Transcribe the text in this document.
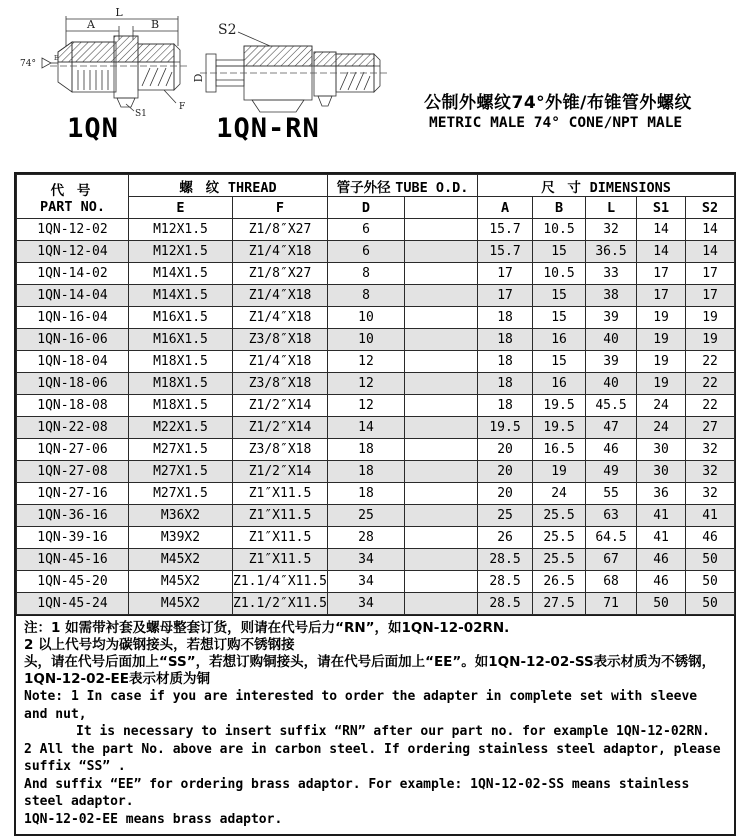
L
A	B
74°
E
S1
F
1QN
S2
D
1QN-RN
公制外螺纹74°外锥/布锥管外螺纹
METRIC MALE 74° CONE/NPT MALE
代 号
PART NO.	螺 纹 THREAD		管子外径 TUBE O.D.		尺 寸 DIMENSIONS				
	E	F	D		A	B	L	S1	S2
1QN-12-02	M12X1.5	Z1/8″X27	6		15.7	10.5	32	14	14
1QN-12-04	M12X1.5	Z1/4″X18	6		15.7	15	36.5	14	14
1QN-14-02	M14X1.5	Z1/8″X27	8		17	10.5	33	17	17
1QN-14-04	M14X1.5	Z1/4″X18	8		17	15	38	17	17
1QN-16-04	M16X1.5	Z1/4″X18	10		18	15	39	19	19
1QN-16-06	M16X1.5	Z3/8″X18	10		18	16	40	19	19
1QN-18-04	M18X1.5	Z1/4″X18	12		18	15	39	19	22
1QN-18-06	M18X1.5	Z3/8″X18	12		18	16	40	19	22
1QN-18-08	M18X1.5	Z1/2″X14	12		18	19.5	45.5	24	22
1QN-22-08	M22X1.5	Z1/2″X14	14		19.5	19.5	47	24	27
1QN-27-06	M27X1.5	Z3/8″X18	18		20	16.5	46	30	32
1QN-27-08	M27X1.5	Z1/2″X14	18		20	19	49	30	32
1QN-27-16	M27X1.5	Z1″X11.5	18		20	24	55	36	32
1QN-36-16	M36X2	Z1″X11.5	25		25	25.5	63	41	41
1QN-39-16	M39X2	Z1″X11.5	28		26	25.5	64.5	41	46
1QN-45-16	M45X2	Z1″X11.5	34		28.5	25.5	67	46	50
1QN-45-20	M45X2	Z1.1/4″X11.5	34		28.5	26.5	68	46	50
1QN-45-24	M45X2	Z1.1/2″X11.5	34		28.5	27.5	71	50	50
注：1 如需带衬套及螺母整套订货，则请在代号后力“RN”，如1QN-12-02RN.
2 以上代号均为碳钢接头，若想订购不锈钢接
头，请在代号后面加上“SS”，若想订购铜接头，请在代号后面加上“EE”。如1QN-12-02-SS表示材质为不锈钢，
1QN-12-02-EE表示材质为铜
Note: 1 In case if you are interested to order the adapter in complete set with sleeve and nut,
It is necessary to insert suffix “RN” after our part no. for example 1QN-12-02RN.
2 All the part No. above are in carbon steel. If ordering stainless steel adaptor, please suffix “SS” .
And suffix “EE” for ordering brass adaptor. For example: 1QN-12-02-SS means stainless steel adaptor.
1QN-12-02-EE means brass adaptor.
